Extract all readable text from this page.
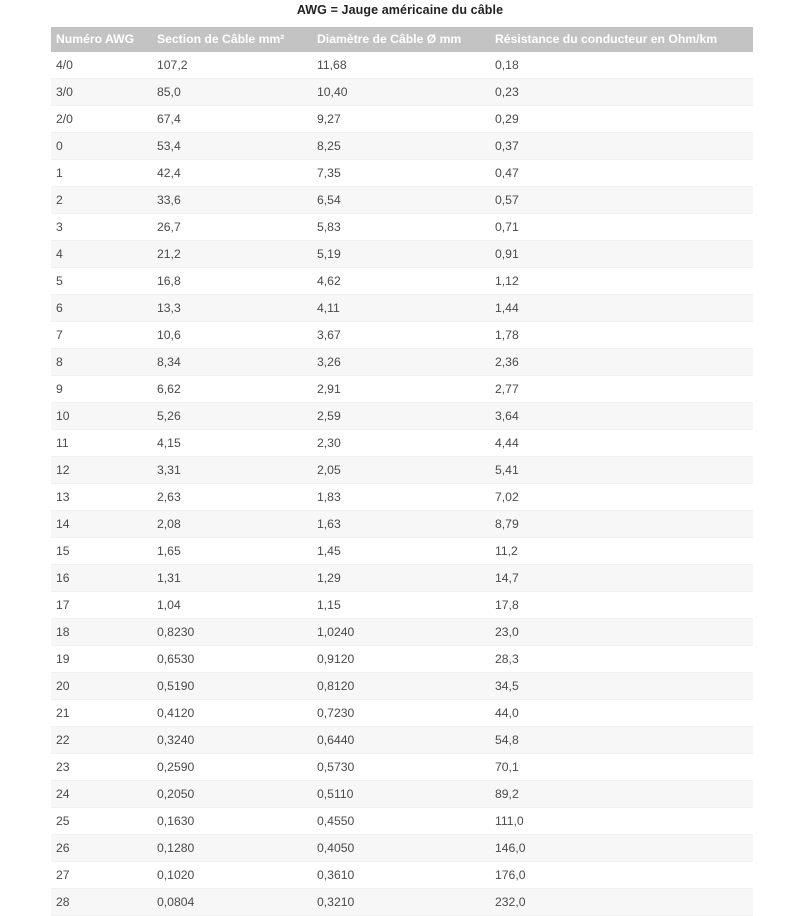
AWG = Jauge américaine du câble
Numéro AWG	Section de Câble mm²	Diamètre de Câble Ø mm	Résistance du conducteur en Ohm/km
4/0	107,2	11,68	0,18
3/0	85,0	10,40	0,23
2/0	67,4	9,27	0,29
0	53,4	8,25	0,37
1	42,4	7,35	0,47
2	33,6	6,54	0,57
3	26,7	5,83	0,71
4	21,2	5,19	0,91
5	16,8	4,62	1,12
6	13,3	4,11	1,44
7	10,6	3,67	1,78
8	8,34	3,26	2,36
9	6,62	2,91	2,77
10	5,26	2,59	3,64
11	4,15	2,30	4,44
12	3,31	2,05	5,41
13	2,63	1,83	7,02
14	2,08	1,63	8,79
15	1,65	1,45	11,2
16	1,31	1,29	14,7
17	1,04	1,15	17,8
18	0,8230	1,0240	23,0
19	0,6530	0,9120	28,3
20	0,5190	0,8120	34,5
21	0,4120	0,7230	44,0
22	0,3240	0,6440	54,8
23	0,2590	0,5730	70,1
24	0,2050	0,5110	89,2
25	0,1630	0,4550	111,0
26	0,1280	0,4050	146,0
27	0,1020	0,3610	176,0
28	0,0804	0,3210	232,0
